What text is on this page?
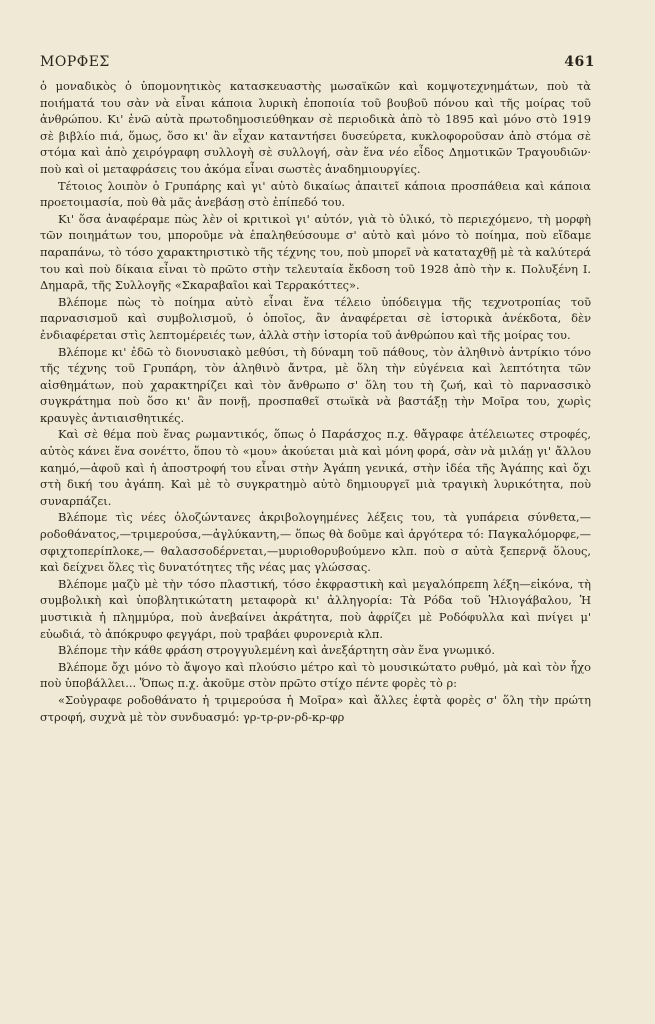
ΜΟΡΦΕΣ	461

ὁ μοναδικὸς ὁ ὑπομονητικὸς κατασκευαστὴς μωσαϊκῶν καὶ κομψοτεχνημάτων, ποὺ τὰ ποιήματά του σὰν νὰ εἶναι κάποια λυρικὴ ἐποποιία τοῦ βουβοῦ πόνου καὶ τῆς μοίρας τοῦ ἀνθρώπου. Κι' ἐνῶ αὐτὰ πρωτοδημοσιεύθηκαν σὲ περιοδικὰ ἀπὸ τὸ 1895 καὶ μόνο στὸ 1919 σὲ βιβλίο πιά, ὅμως, ὅσο κι' ἂν εἶχαν καταντήσει δυσεύρετα, κυκλοφοροῦσαν ἀπὸ στόμα σὲ στόμα καὶ ἀπὸ χειρόγραφη συλλογὴ σὲ συλλογή, σὰν ἕνα νέο εἶδος Δημοτικῶν Τραγουδιῶν· ποὺ καὶ οἱ μεταφράσεις του ἀκόμα εἶναι σωστὲς ἀναδημιουργίες.

Τέτοιος λοιπὸν ὁ Γρυπάρης καὶ γι' αὐτὸ δικαίως ἀπαιτεῖ κάποια προσπάθεια καὶ κάποια προετοιμασία, ποὺ θὰ μᾶς ἀνεβάσῃ στὸ ἐπίπεδό του.

Κι' ὅσα ἀναφέραμε πὼς λὲν οἱ κριτικοὶ γι' αὐτόν, γιὰ τὸ ὑλικό, τὸ περιεχόμενο, τὴ μορφὴ τῶν ποιημάτων του, μποροῦμε νὰ ἐπαληθεύσουμε σ' αὐτὸ καὶ μόνο τὸ ποίημα, ποὺ εἴδαμε παραπάνω, τὸ τόσο χαρακτηριστικὸ τῆς τέχνης του, ποὺ μπορεῖ νὰ καταταχθῇ μὲ τὰ καλύτερά του καὶ ποὺ δίκαια εἶναι τὸ πρῶτο στὴν τελευταία ἔκδοση τοῦ 1928 ἀπὸ τὴν κ. Πολυξένη Ι. Δημαρᾶ, τῆς Συλλογῆς «Σκαραβαῖοι καὶ Τερρακόττες».

Βλέπομε πὼς τὸ ποίημα αὐτὸ εἶναι ἕνα τέλειο ὑπόδειγμα τῆς τεχνοτροπίας τοῦ παρνασισμοῦ καὶ συμβολισμοῦ, ὁ ὁποῖος, ἂν ἀναφέρεται σὲ ἱστορικὰ ἀνέκδοτα, δὲν ἐνδιαφέρεται στὶς λεπτομέρειές των, ἀλλὰ στὴν ἱστορία τοῦ ἀνθρώπου καὶ τῆς μοίρας του.

Βλέπομε κι' ἐδῶ τὸ διονυσιακὸ μεθύσι, τὴ δύναμη τοῦ πάθους, τὸν ἀληθινὸ ἀντρίκιο τόνο τῆς τέχνης τοῦ Γρυπάρη, τὸν ἀληθινὸ ἄντρα, μὲ ὅλη τὴν εὐγένεια καὶ λεπτότητα τῶν αἰσθημάτων, ποὺ χαρακτηρίζει καὶ τὸν ἄνθρωπο σ' ὅλη του τὴ ζωή, καὶ τὸ παρνασσικὸ συγκράτημα ποὺ ὅσο κι' ἂν πονῇ, προσπαθεῖ στωϊκὰ νὰ βαστάξῃ τὴν Μοῖρα του, χωρὶς κραυγὲς ἀντιαισθητικές.

Καὶ σὲ θέμα ποὺ ἕνας ρωμαντικός, ὅπως ὁ Παράσχος π.χ. θἄγραφε ἀτέλειωτες στροφές, αὐτὸς κάνει ἕνα σονέττο, ὅπου τὸ «μου» ἀκούεται μιὰ καὶ μόνη φορά, σὰν νὰ μιλάῃ γι' ἄλλου καημό,—ἀφοῦ καὶ ἡ ἀποστροφή του εἶναι στὴν Ἀγάπη γενικά, στὴν ἰδέα τῆς Ἀγάπης καὶ ὄχι στὴ δική του ἀγάπη. Καὶ μὲ τὸ συγκρατημὸ αὐτὸ δημιουργεῖ μιὰ τραγικὴ λυρικότητα, ποὺ συναρπάζει.

Βλέπομε τὶς νέες ὁλοζώντανες ἀκριβολογημένες λέξεις του, τὰ γυπάρεια σύνθετα,—ροδοθάνατος,—τριμερούσα,—ἀγλύκαντη,— ὅπως θὰ δοῦμε καὶ ἀργότερα τό: Παγκαλόμορφε,—σφιχτοπερίπλοκε,— θαλασσοδέρνεται,—μυριοθορυβούμενο κλπ. ποὺ σ αὐτὰ ξεπερνᾷ ὅλους, καὶ δείχνει ὅλες τὶς δυνατότητες τῆς νέας μας γλώσσας.

Βλέπομε μαζὺ μὲ τὴν τόσο πλαστική, τόσο ἐκφραστικὴ καὶ μεγαλόπρεπη λέξη—εἰκόνα, τὴ συμβολικὴ καὶ ὑποβλητικώτατη μεταφορὰ κι' ἀλληγορία: Τὰ Ρόδα τοῦ Ἡλιογάβαλου, Ἡ μυστικιὰ ἡ πλημμύρα, ποὺ ἀνεβαίνει ἀκράτητα, ποὺ ἀφρίζει μὲ Ροδόφυλλα καὶ πνίγει μ' εὐωδιά, τὸ ἀπόκρυφο φεγγάρι, ποὺ τραβάει φυρονεριὰ κλπ.

Βλέπομε τὴν κάθε φράση στρογγυλεμένη καὶ ἀνεξάρτητη σὰν ἕνα γνωμικό.

Βλέπομε ὄχι μόνο τὸ ἄψογο καὶ πλούσιο μέτρο καὶ τὸ μουσικώτατο ρυθμό, μὰ καὶ τὸν ἦχο ποὺ ὑποβάλλει... Ὅπως π.χ. ἀκοῦμε στὸν πρῶτο στίχο πέντε φορὲς τὸ ρ:

«Σοὐγραφε ροδοθάνατο ἡ τριμερούσα ἡ Μοῖρα» καὶ ἄλλες ἑφτὰ φορὲς σ' ὅλη τὴν πρώτη στροφή, συχνὰ μὲ τὸν συνδυασμό: γρ-τρ-ρν-ρδ-κρ-φρ
